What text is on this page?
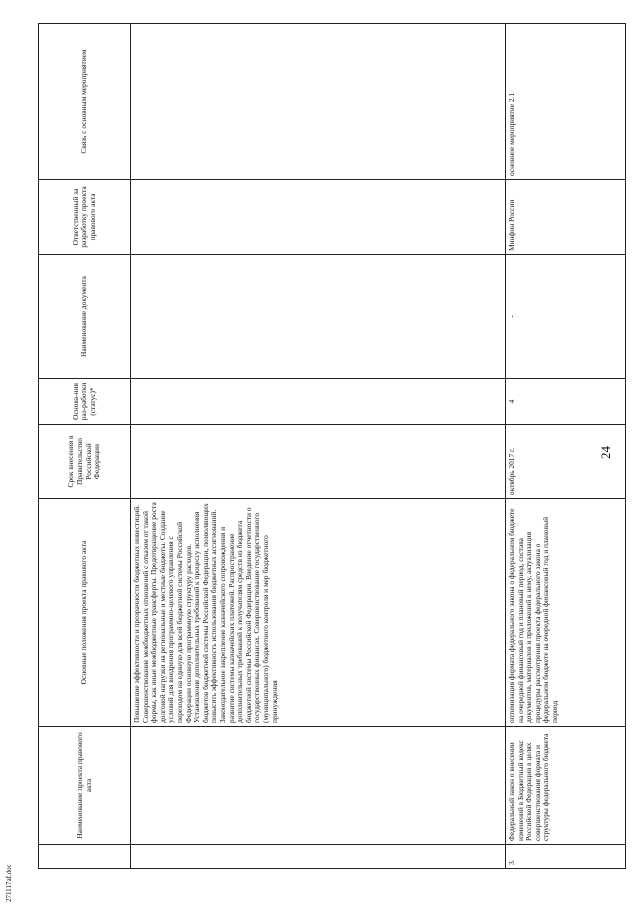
24
	Наименование проекта правового акта	Основные положения проекта правового акта	Срок внесения в Правительство Российской Федерации	Основа-ния раз-работки (статус)*	Наименование документа	Ответственный за разработку проекта правового акта	Связь с основным мероприятием
		Повышение эффективности и прозрачности бюджетных инвестиций. Совершенствование межбюджетных отношений с отказом от такой формы, как иные межбюджетные трансферты. Предотвращение роста долговой нагрузки на региональные и местные бюджеты. Создание условий для внедрения программно-целевого управления с переходом на единую для всей бюджетной системы Российской Федерации основную программную структуру расходов. Установление дополнительных требований к процессу исполнения бюджетов бюджетной системы Российской Федерации, позволяющих повысить эффективность использования бюджетных ассигнований. Законодательное закрепление казначейского сопровождения и развитие системы казначейских платежей. Распространение дополнительных требований к получателям средств из бюджета бюджетной системы Российской Федерации. Введение отчетности о государственных финансах. Совершенствование государственного (муниципального) бюджетного контроля и мер бюджетного принуждения					
3.	Федеральный закон о внесении изменений в Бюджетный кодекс Российской Федерации в целях совершенствования формата и структуры федерального бюджета	оптимизация формата федерального закона о федеральном бюджете на очередной финансовый год и плановый период, состава документов, материалов и приложений к нему, актуализация процедуры рассмотрения проекта федерального закона о федеральном бюджете на очередной финансовый год и плановый период	октябрь 2017 г.	4	-	Минфин России	основное мероприятие 2.1
271117af.doc
